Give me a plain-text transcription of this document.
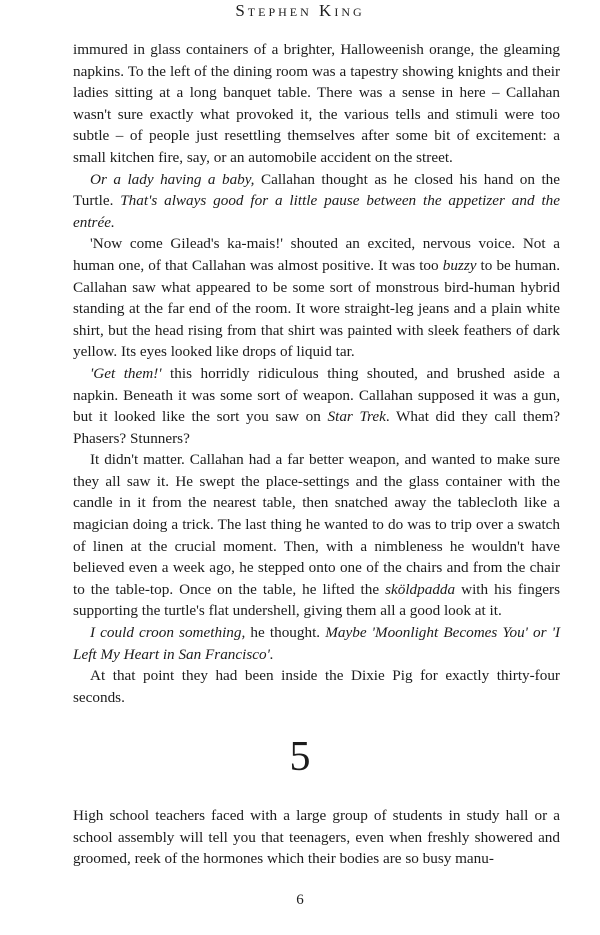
Stephen King

immured in glass containers of a brighter, Halloweenish orange, the gleaming napkins. To the left of the dining room was a tapestry showing knights and their ladies sitting at a long banquet table. There was a sense in here – Callahan wasn't sure exactly what provoked it, the various tells and stimuli were too subtle – of people just resettling themselves after some bit of excitement: a small kitchen fire, say, or an automobile accident on the street.

Or a lady having a baby, Callahan thought as he closed his hand on the Turtle. That's always good for a little pause between the appetizer and the entrée.

'Now come Gilead's ka-mais!' shouted an excited, nervous voice. Not a human one, of that Callahan was almost positive. It was too buzzy to be human. Callahan saw what appeared to be some sort of monstrous bird-human hybrid standing at the far end of the room. It wore straight-leg jeans and a plain white shirt, but the head rising from that shirt was painted with sleek feathers of dark yellow. Its eyes looked like drops of liquid tar.

'Get them!' this horridly ridiculous thing shouted, and brushed aside a napkin. Beneath it was some sort of weapon. Callahan supposed it was a gun, but it looked like the sort you saw on Star Trek. What did they call them? Phasers? Stunners?

It didn't matter. Callahan had a far better weapon, and wanted to make sure they all saw it. He swept the place-settings and the glass container with the candle in it from the nearest table, then snatched away the tablecloth like a magician doing a trick. The last thing he wanted to do was to trip over a swatch of linen at the crucial moment. Then, with a nimbleness he wouldn't have believed even a week ago, he stepped onto one of the chairs and from the chair to the table-top. Once on the table, he lifted the sköldpadda with his fingers supporting the turtle's flat undershell, giving them all a good look at it.

I could croon something, he thought. Maybe 'Moonlight Becomes You' or 'I Left My Heart in San Francisco'.

At that point they had been inside the Dixie Pig for exactly thirty-four seconds.

5

High school teachers faced with a large group of students in study hall or a school assembly will tell you that teenagers, even when freshly showered and groomed, reek of the hormones which their bodies are so busy manu-

6
